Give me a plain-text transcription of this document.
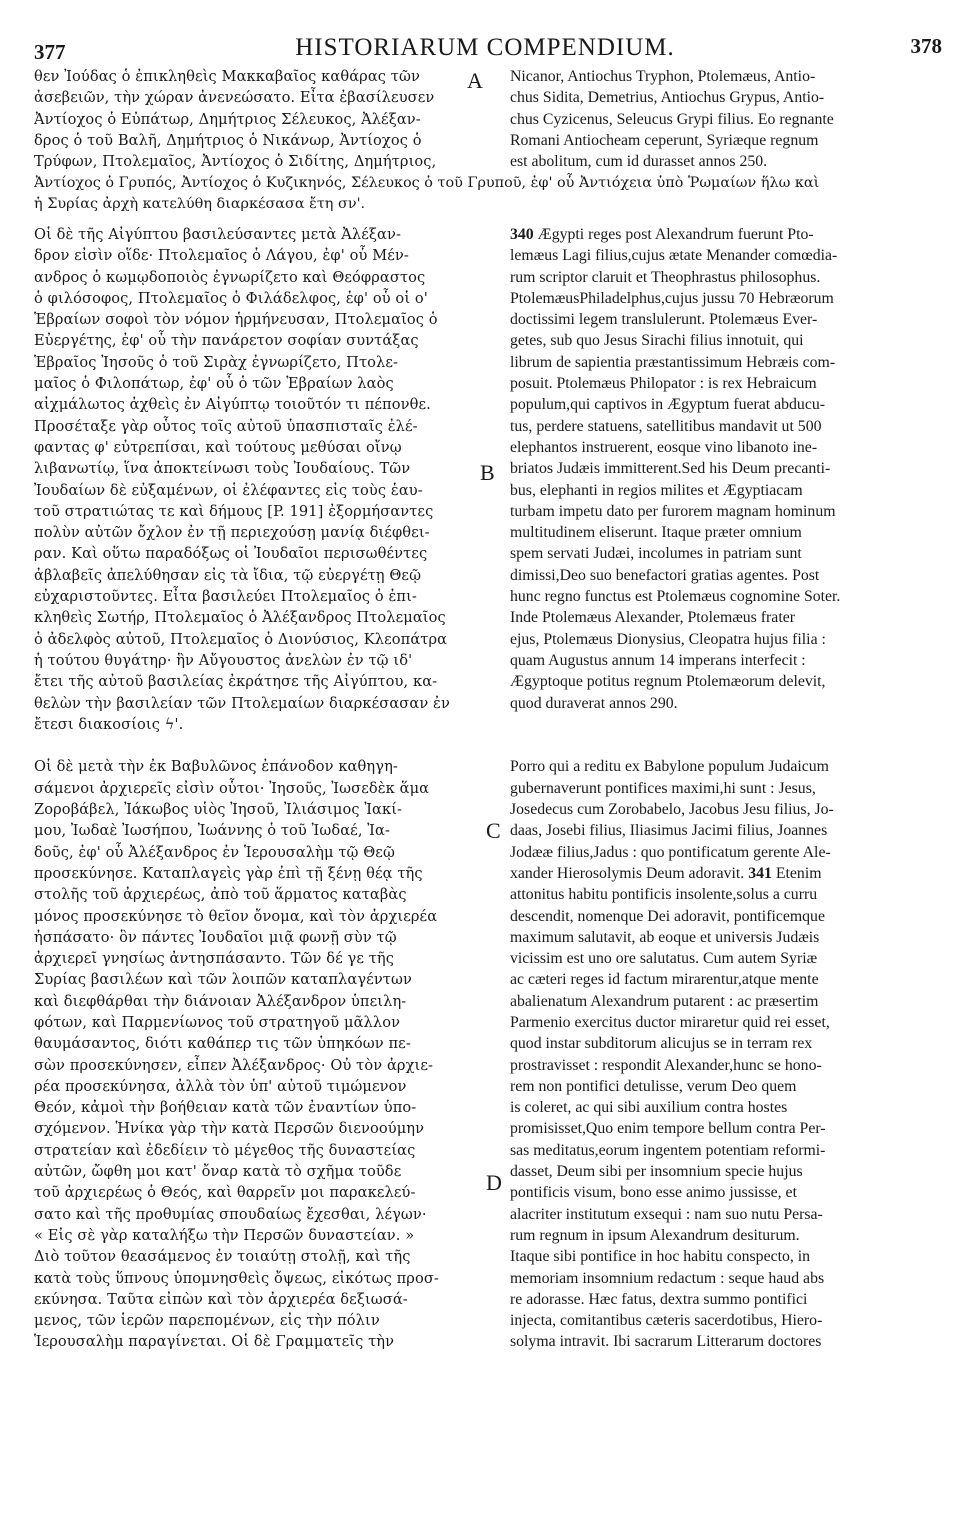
377	HISTORIARUM COMPENDIUM.	378
A
B
C
D
θεν Ἰούδας ὁ ἐπικληθεὶς Μακκαβαῖος καθάρας τῶν
ἀσεβειῶν, τὴν χώραν ἀνενεώσατο. Εἶτα ἐβασίλευσεν
Ἀντίοχος ὁ Εὐπάτωρ, Δημήτριος Σέλευκος, Ἀλέξαν-
δρος ὁ τοῦ Βαλῆ, Δημήτριος ὁ Νικάνωρ, Ἀντίοχος ὁ
Τρύφων, Πτολεμαῖος, Ἀντίοχος ὁ Σιδίτης, Δημήτριος,
Nicanor, Antiochus Tryphon, Ptolemæus, Antio-
chus Sidita, Demetrius, Antiochus Grypus, Antio-
chus Cyzicenus, Seleucus Grypi filius. Eo regnante
Romani Antiocheam ceperunt, Syriæque regnum
est abolitum, cum id durasset annos 250.
Ἀντίοχος ὁ Γρυπός, Ἀντίοχος ὁ Κυζικηνός, Σέλευκος ὁ τοῦ Γρυποῦ, ἐφ' οὗ Ἀντιόχεια ὑπὸ Ῥωμαίων ἥλω καὶ
ἡ Συρίας ἀρχὴ κατελύθη διαρκέσασα ἔτη σν'.
Οἱ δὲ τῆς Αἰγύπτου βασιλεύσαντες μετὰ Ἀλέξαν-
δρον εἰσὶν οἵδε· Πτολεμαῖος ὁ Λάγου, ἐφ' οὗ Μέν-
ανδρος ὁ κωμῳδοποιὸς ἐγνωρίζετο καὶ Θεόφραστος
ὁ φιλόσοφος, Πτολεμαῖος ὁ Φιλάδελφος, ἐφ' οὗ οἱ ο'
Ἑβραίων σοφοὶ τὸν νόμον ἡρμήνευσαν, Πτολεμαῖος ὁ
Εὐεργέτης, ἐφ' οὗ τὴν πανάρετον σοφίαν συντάξας
Ἑβραῖος Ἰησοῦς ὁ τοῦ Σιρὰχ ἐγνωρίζετο, Πτολε-
μαῖος ὁ Φιλοπάτωρ, ἐφ' οὗ ὁ τῶν Ἑβραίων λαὸς
αἰχμάλωτος ἀχθεὶς ἐν Αἰγύπτῳ τοιοῦτόν τι πέπονθε.
Προσέταξε γὰρ οὗτος τοῖς αὐτοῦ ὑπασπισταῖς ἐλέ-
φαντας φ' εὐτρεπίσαι, καὶ τούτους μεθύσαι οἴνῳ
λιβανωτίῳ, ἵνα ἀποκτείνωσι τοὺς Ἰουδαίους. Τῶν
Ἰουδαίων δὲ εὐξαμένων, οἱ ἐλέφαντες εἰς τοὺς ἑαυ-
τοῦ στρατιώτας τε καὶ δήμους [P. 191] ἐξορμήσαντες
πολὺν αὐτῶν ὄχλον ἐν τῇ περιεχούσῃ μανίᾳ διέφθει-
ραν. Καὶ οὕτω παραδόξως οἱ Ἰουδαῖοι περισωθέντες
ἀβλαβεῖς ἀπελύθησαν εἰς τὰ ἴδια, τῷ εὐεργέτῃ Θεῷ
εὐχαριστοῦντες. Εἶτα βασιλεύει Πτολεμαῖος ὁ ἐπι-
κληθεὶς Σωτήρ, Πτολεμαῖος ὁ Ἀλέξανδρος Πτολεμαῖος
ὁ ἀδελφὸς αὐτοῦ, Πτολεμαῖος ὁ Διονύσιος, Κλεοπάτρα
ἡ τούτου θυγάτηρ· ἣν Αὔγουστος ἀνελὼν ἐν τῷ ιδ'
ἔτει τῆς αὐτοῦ βασιλείας ἐκράτησε τῆς Αἰγύπτου, κα-
θελὼν τὴν βασιλείαν τῶν Πτολεμαίων διαρκέσασαν ἐν
ἔτεσι διακοσίοις ϟ'.
Οἱ δὲ μετὰ τὴν ἐκ Βαβυλῶνος ἐπάνοδον καθηγη-
σάμενοι ἀρχιερεῖς εἰσὶν οὗτοι· Ἰησοῦς, Ἰωσεδὲκ ἅμα
Ζοροβάβελ, Ἰάκωβος υἱὸς Ἰησοῦ, Ἰλιάσιμος Ἰακί-
μου, Ἰωδαὲ Ἰωσήπου, Ἰωάννης ὁ τοῦ Ἰωδαέ, Ἰα-
δοῦς, ἐφ' οὗ Ἀλέξανδρος ἐν Ἱερουσαλὴμ τῷ Θεῷ
προσεκύνησε. Καταπλαγεὶς γὰρ ἐπὶ τῇ ξένῃ θέᾳ τῆς
στολῆς τοῦ ἀρχιερέως, ἀπὸ τοῦ ἅρματος καταβὰς
μόνος προσεκύνησε τὸ θεῖον ὄνομα, καὶ τὸν ἀρχιερέα
ἠσπάσατο· ὃν πάντες Ἰουδαῖοι μιᾷ φωνῇ σὺν τῷ
ἀρχιερεῖ γνησίως ἀντησπάσαντο. Τῶν δέ γε τῆς
Συρίας βασιλέων καὶ τῶν λοιπῶν καταπλαγέντων
καὶ διεφθάρθαι τὴν διάνοιαν Ἀλέξανδρον ὑπειλη-
φότων, καὶ Παρμενίωνος τοῦ στρατηγοῦ μᾶλλον
θαυμάσαντος, διότι καθάπερ τις τῶν ὑπηκόων πε-
σὼν προσεκύνησεν, εἶπεν Ἀλέξανδρος· Οὐ τὸν ἀρχιε-
ρέα προσεκύνησα, ἀλλὰ τὸν ὑπ' αὐτοῦ τιμώμενον
Θεόν, κἀμοὶ τὴν βοήθειαν κατὰ τῶν ἐναντίων ὑπο-
σχόμενον. Ἡνίκα γὰρ τὴν κατὰ Περσῶν διενοούμην
στρατείαν καὶ ἐδεδίειν τὸ μέγεθος τῆς δυναστείας
αὐτῶν, ὤφθη μοι κατ' ὄναρ κατὰ τὸ σχῆμα τοῦδε
τοῦ ἀρχιερέως ὁ Θεός, καὶ θαρρεῖν μοι παρακελεύ-
σατο καὶ τῆς προθυμίας σπουδαίως ἔχεσθαι, λέγων·
« Εἰς σὲ γὰρ καταλήξω τὴν Περσῶν δυναστείαν. »
Διὸ τοῦτον θεασάμενος ἐν τοιαύτῃ στολῇ, καὶ τῆς
κατὰ τοὺς ὕπνους ὑπομνησθεὶς ὄψεως, εἰκότως προσ-
εκύνησα. Ταῦτα εἰπὼν καὶ τὸν ἀρχιερέα δεξιωσά-
μενος, τῶν ἱερῶν παρεπομένων, εἰς τὴν πόλιν
Ἱερουσαλὴμ παραγίνεται. Οἱ δὲ Γραμματεῖς τὴν
340 Ægypti reges post Alexandrum fuerunt Pto-
lemæus Lagi filius,cujus ætate Menander comœdia-
rum scriptor claruit et Theophrastus philosophus.
PtolemæusPhiladelphus,cujus jussu 70 Hebræorum
doctissimi legem translulerunt. Ptolemæus Ever-
getes, sub quo Jesus Sirachi filius innotuit, qui
librum de sapientia præstantissimum Hebræis com-
posuit. Ptolemæus Philopator : is rex Hebraicum
populum,qui captivos in Ægyptum fuerat abducu-
tus, perdere statuens, satellitibus mandavit ut 500
elephantos instruerent, eosque vino libanoto ine-
briatos Judæis immitterent.Sed his Deum precanti-
bus, elephanti in regios milites et Ægyptiacam
turbam impetu dato per furorem magnam hominum
multitudinem eliserunt. Itaque præter omnium
spem servati Judæi, incolumes in patriam sunt
dimissi,Deo suo benefactori gratias agentes. Post
hunc regno functus est Ptolemæus cognomine Soter.
Inde Ptolemæus Alexander, Ptolemæus frater
ejus, Ptolemæus Dionysius, Cleopatra hujus filia :
quam Augustus annum 14 imperans interfecit :
Ægyptoque potitus regnum Ptolemæorum delevit,
quod duraverat annos 290.
Porro qui a reditu ex Babylone populum Judaicum
gubernaverunt pontifices maximi,hi sunt : Jesus,
Josedecus cum Zorobabelo, Jacobus Jesu filius, Jo-
daas, Josebi filius, Iliasimus Jacimi filius, Joannes
Jodææ filius,Jadus : quo pontificatum gerente Ale-
xander Hierosolymis Deum adoravit. 341 Etenim
attonitus habitu pontificis insolente,solus a curru
descendit, nomenque Dei adoravit, pontificemque
maximum salutavit, ab eoque et universis Judæis
vicissim est uno ore salutatus. Cum autem Syriæ
ac cæteri reges id factum mirarentur,atque mente
abalienatum Alexandrum putarent : ac præsertim
Parmenio exercitus ductor miraretur quid rei esset,
quod instar subditorum alicujus se in terram rex
prostravisset : respondit Alexander,hunc se hono-
rem non pontifici detulisse, verum Deo quem
is coleret, ac qui sibi auxilium contra hostes
promisisset,Quo enim tempore bellum contra Per-
sas meditatus,eorum ingentem potentiam reformi-
dasset, Deum sibi per insomnium specie hujus
pontificis visum, bono esse animo jussisse, et
alacriter institutum exsequi : nam suo nutu Persa-
rum regnum in ipsum Alexandrum desiturum.
Itaque sibi pontifice in hoc habitu conspecto, in
memoriam insomnium redactum : seque haud abs
re adorasse. Hæc fatus, dextra summo pontifici
injecta, comitantibus cæteris sacerdotibus, Hiero-
solyma intravit. Ibi sacrarum Litterarum doctores
